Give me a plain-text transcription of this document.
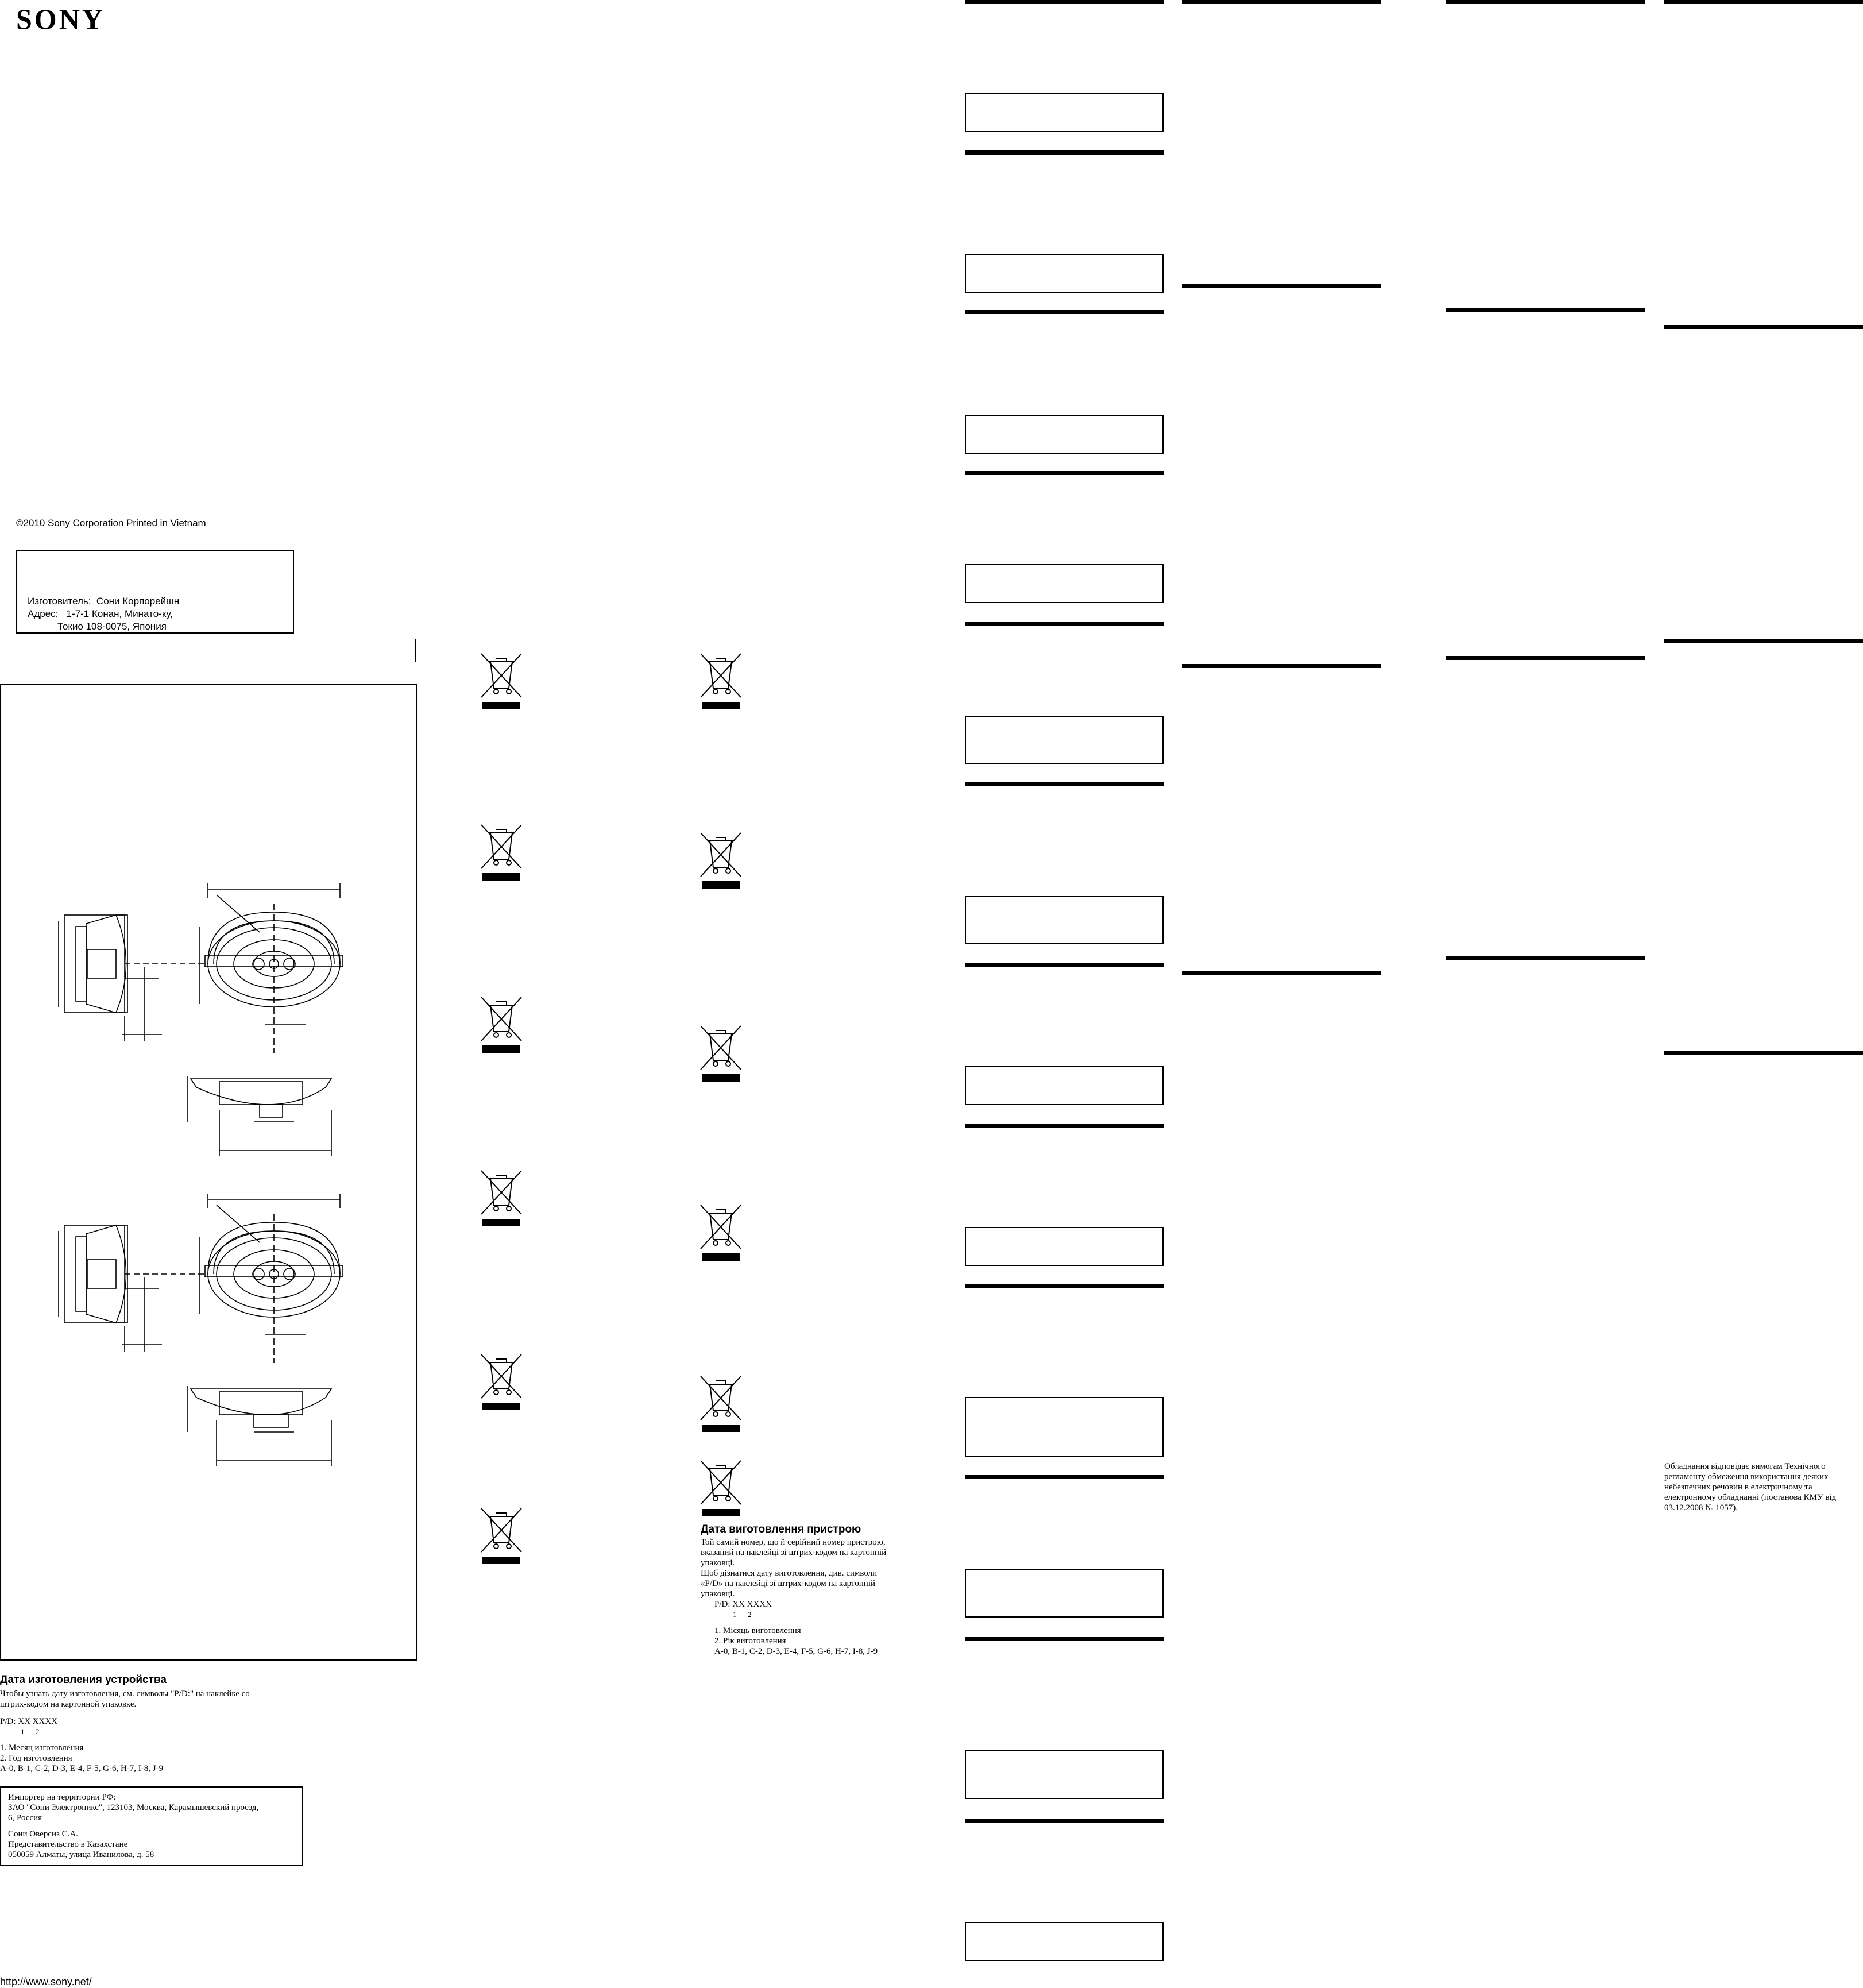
SONY
©2010 Sony Corporation Printed in Vietnam
Изготовитель:  Сони Корпорейшн
Адрес:   1-7-1 Конан, Минато-ку,
Токио 108-0075, Япония
Дата изготовления устройства
Чтобы узнать дату изготовления, см. символы "P/D:" на наклейке со
штрих-кодом на картонной упаковке.
P/D: XX XXXX
1      2
1. Месяц изготовления
2. Год изготовления
A-0, B-1, C-2, D-3, E-4, F-5, G-6, H-7, I-8, J-9
Импортер на территории РФ:
ЗАО "Сони Электроникс", 123103, Москва, Карамышевский проезд,
6, Россия
Сони Оверсиз С.А.
Представительство в Казахстане
050059 Алматы, улица Иванилова, д. 58
http://www.sony.net/
Дата виготовлення пристрою
Той самий номер, що й серійний номер пристрою,
вказаний на наклейці зі штрих-кодом на картонній
упаковці.
Щоб дізнатися дату виготовлення, див. символи
«P/D» на наклейці зі штрих-кодом на картонній
упаковці.
P/D: XX XXXX
1      2
1. Місяць виготовлення
2. Рік виготовлення
A-0, B-1, C-2, D-3, E-4, F-5, G-6, H-7, I-8, J-9
Обладнання відповідає вимогам Технічного
регламенту обмеження використання деяких
небезпечних речовин в електричному та
електронному обладнанні (постанова КМУ від
03.12.2008 № 1057).
